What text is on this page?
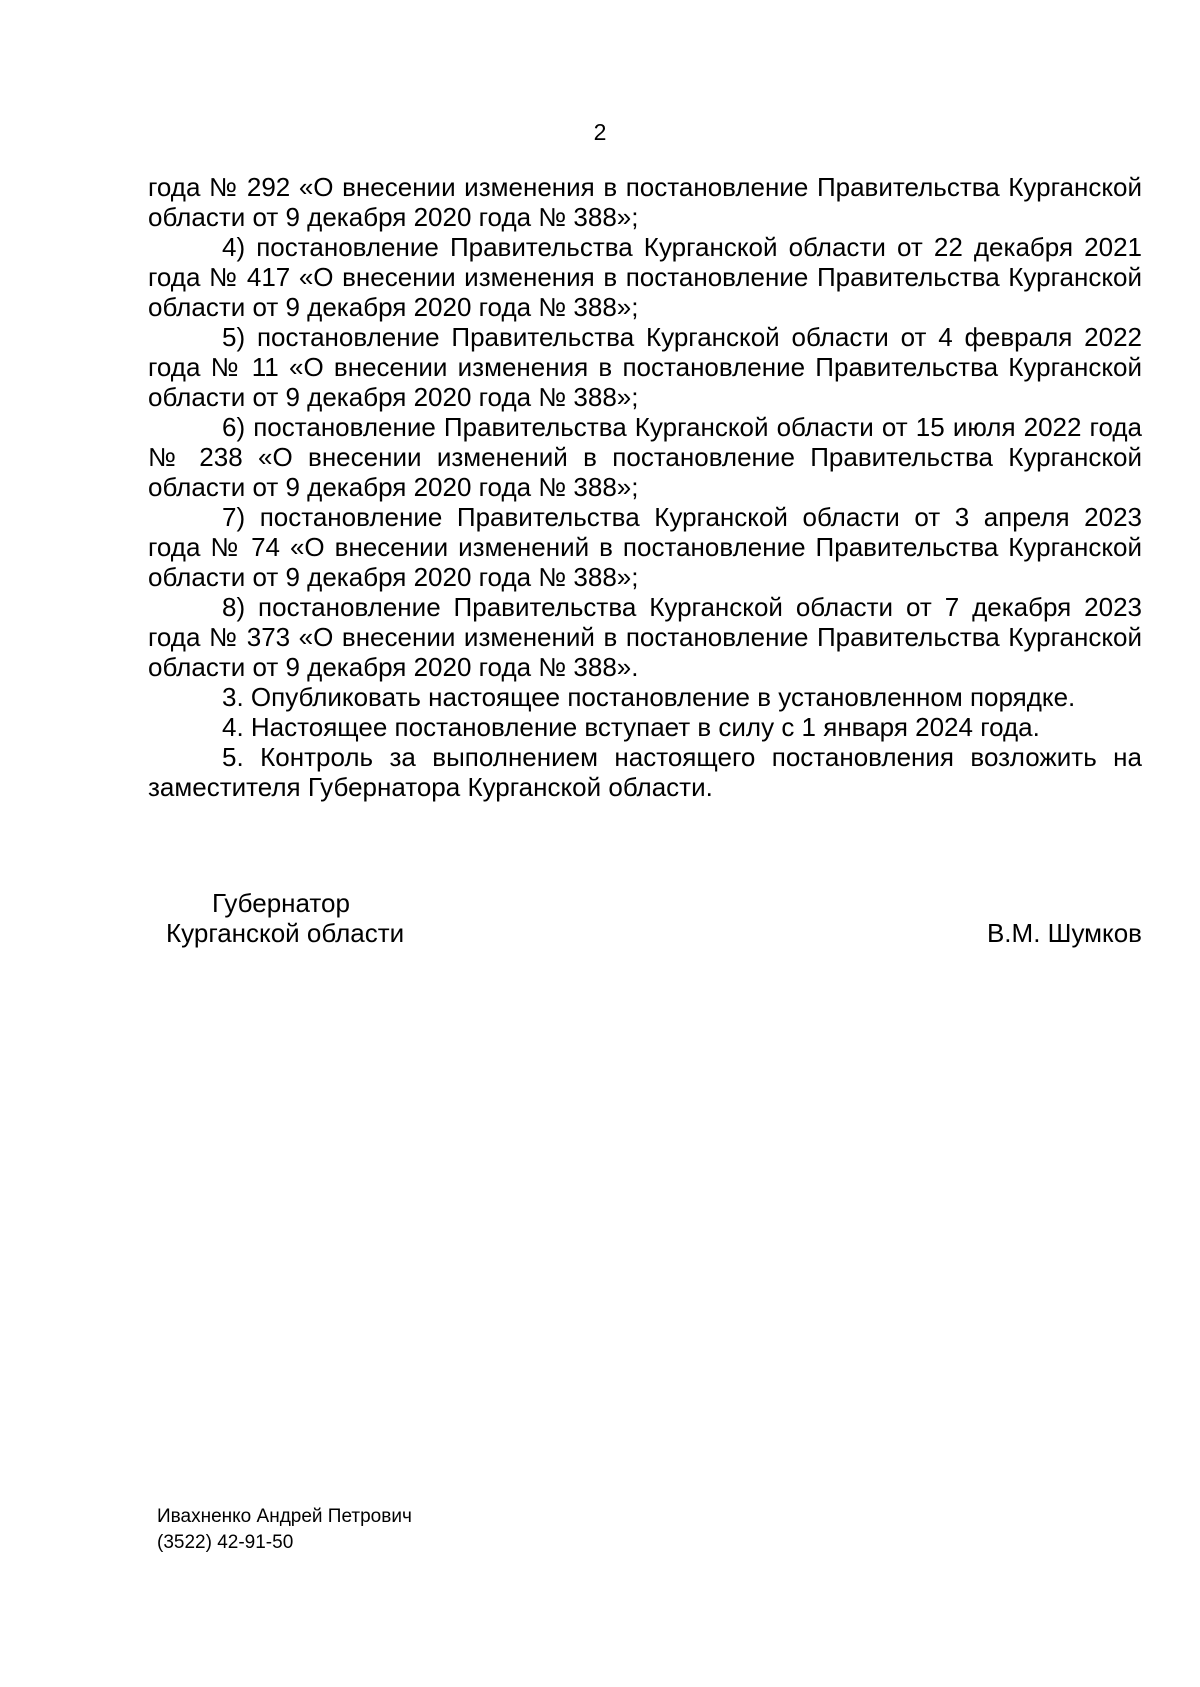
2

года № 292 «О внесении изменения в постановление Правительства Курганской области от 9 декабря 2020 года № 388»;

4) постановление Правительства Курганской области от 22 декабря 2021 года № 417 «О внесении изменения в постановление Правительства Курганской области от 9 декабря 2020 года № 388»;

5) постановление Правительства Курганской области от 4 февраля 2022 года № 11 «О внесении изменения в постановление Правительства Курганской области от 9 декабря 2020 года № 388»;

6) постановление Правительства Курганской области от 15 июля 2022 года № 238 «О внесении изменений в постановление Правительства Курганской области от 9 декабря 2020 года № 388»;

7) постановление Правительства Курганской области от 3 апреля 2023 года № 74 «О внесении изменений в постановление Правительства Курганской области от 9 декабря 2020 года № 388»;

8) постановление Правительства Курганской области от 7 декабря 2023 года № 373 «О внесении изменений в постановление Правительства Курганской области от 9 декабря 2020 года № 388».

3. Опубликовать настоящее постановление в установленном порядке.

4. Настоящее постановление вступает в силу с 1 января 2024 года.

5. Контроль за выполнением настоящего постановления возложить на заместителя Губернатора Курганской области.

Губернатор
Курганской области	В.М. Шумков
Ивахненко Андрей Петрович
(3522) 42-91-50
